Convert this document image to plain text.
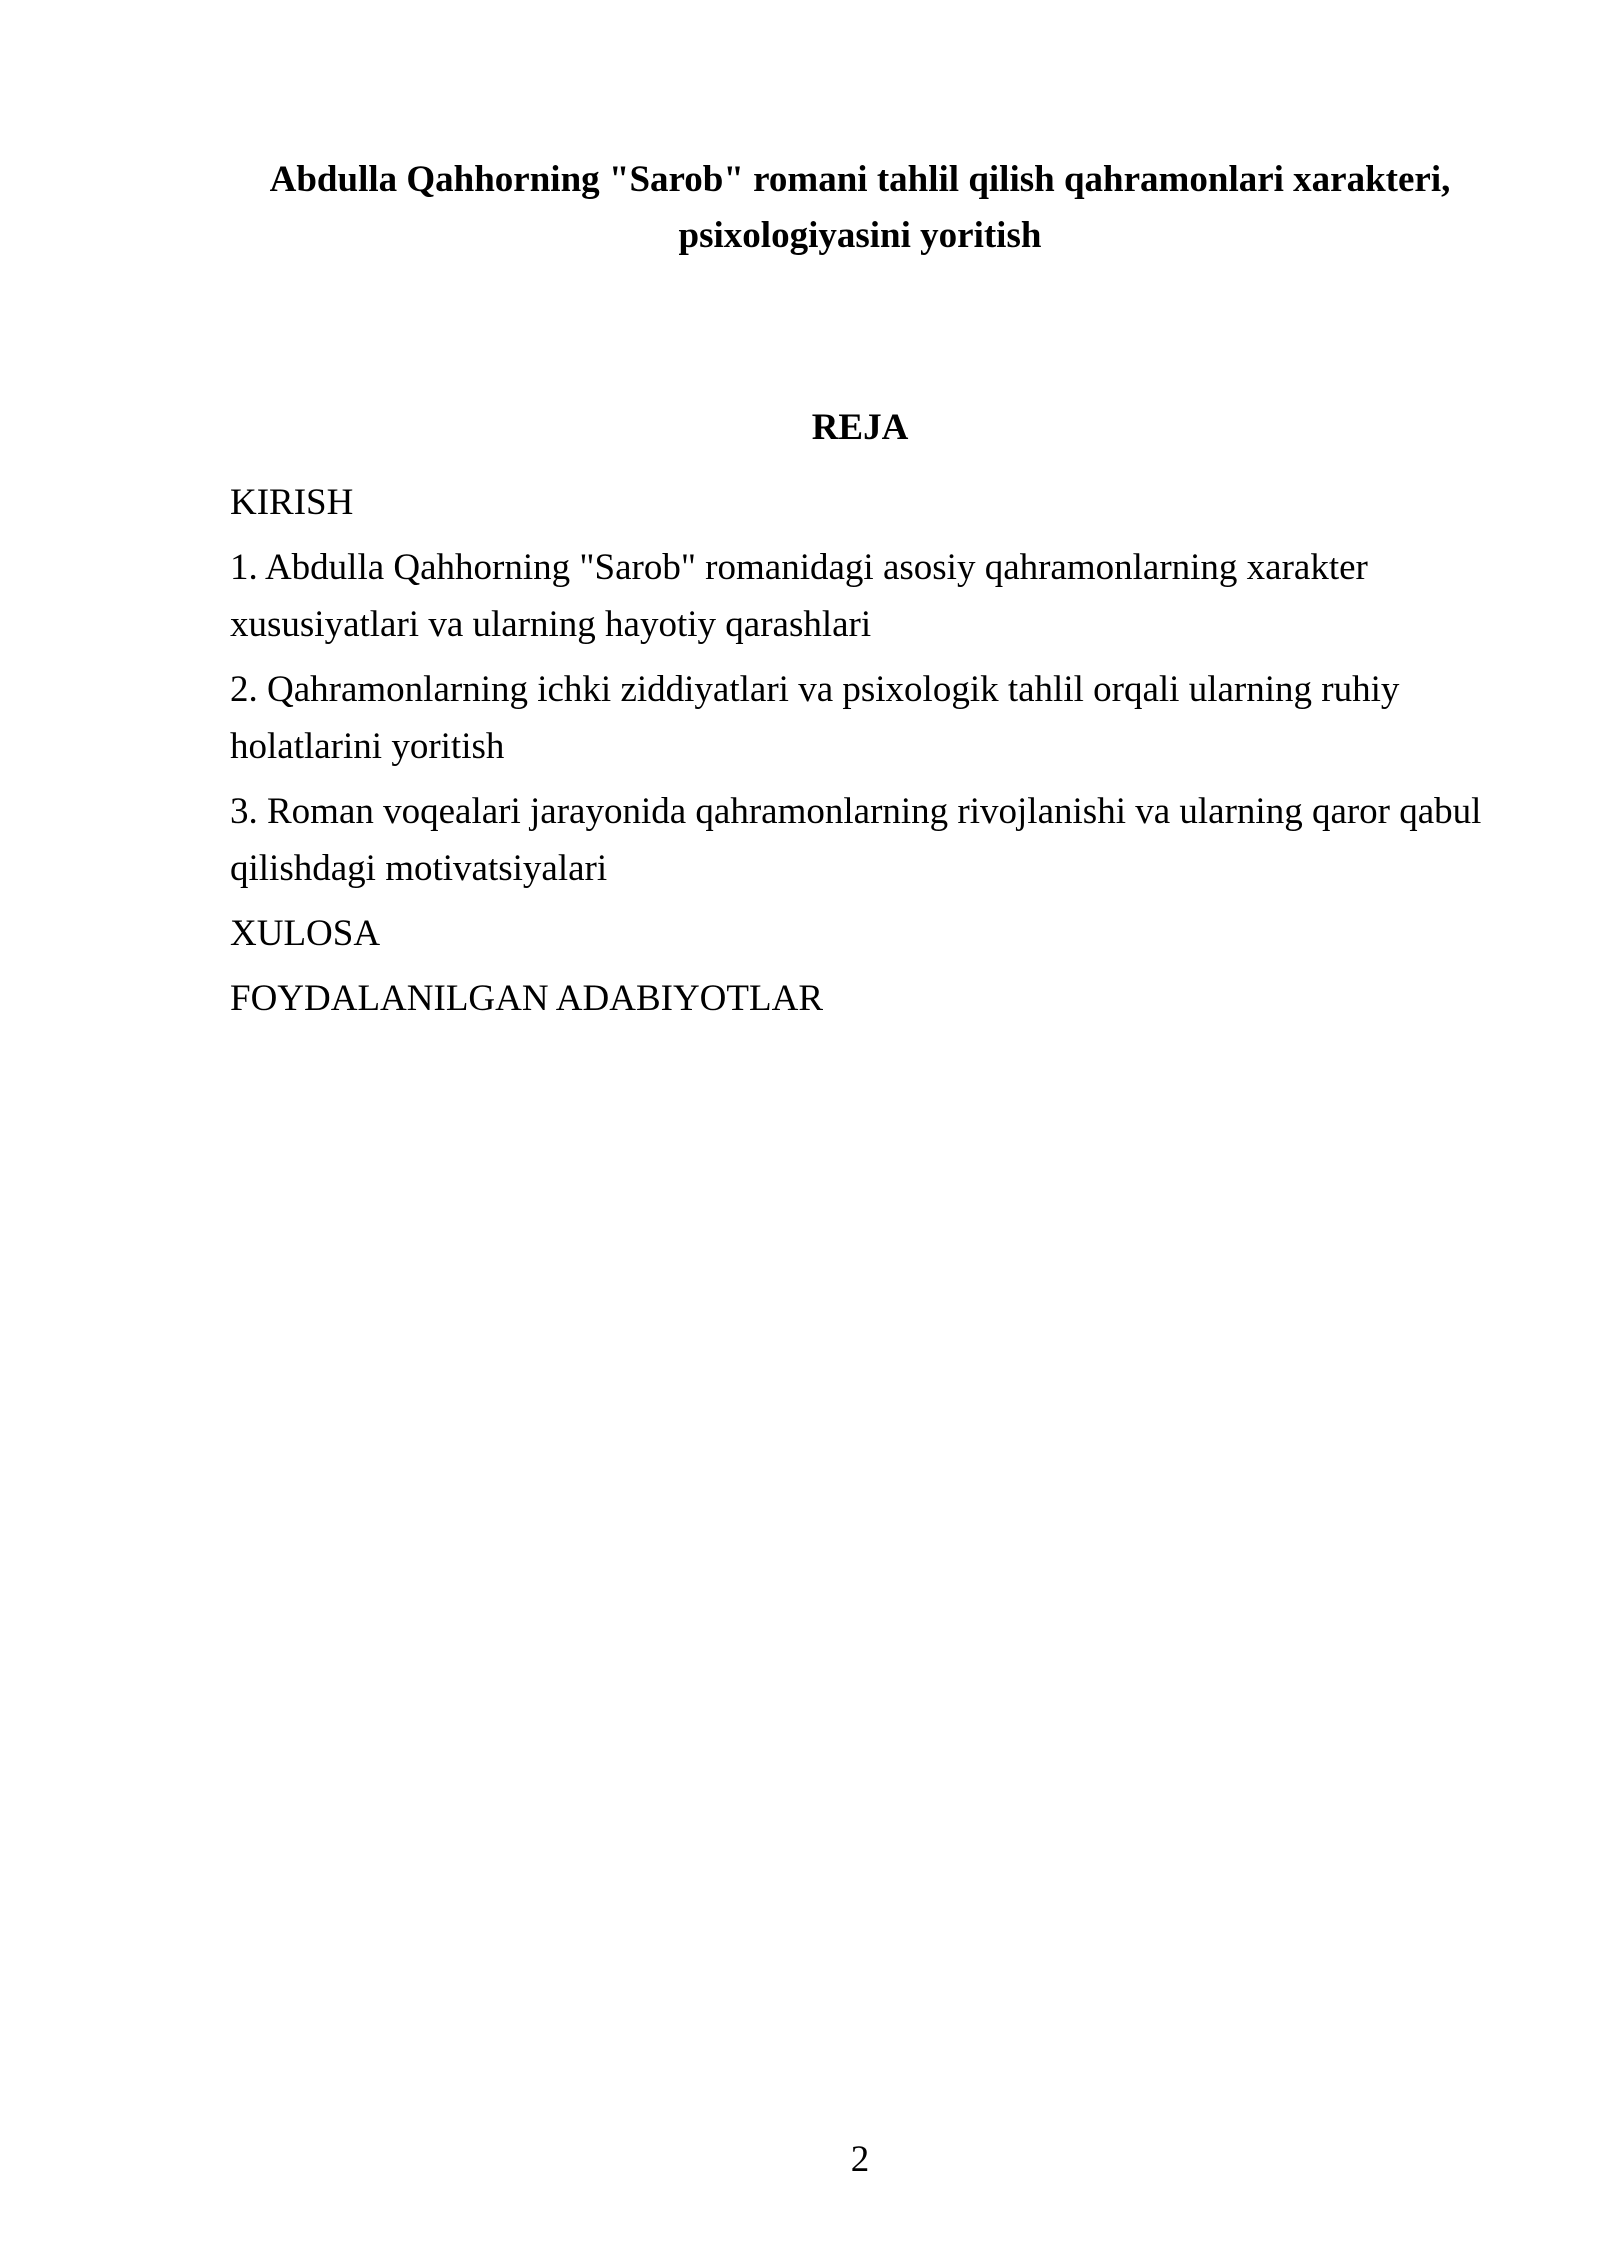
Abdulla Qahhorning "Sarob" romani tahlil qilish qahramonlari xarakteri, psixologiyasini yoritish
REJA
KIRISH
1. Abdulla Qahhorning "Sarob" romanidagi asosiy qahramonlarning xarakter xususiyatlari va ularning hayotiy qarashlari
2. Qahramonlarning ichki ziddiyatlari va psixologik tahlil orqali ularning ruhiy holatlarini yoritish
3. Roman voqealari jarayonida qahramonlarning rivojlanishi va ularning qaror qabul qilishdagi motivatsiyalari
XULOSA
FOYDALANILGAN ADABIYOTLAR
2
